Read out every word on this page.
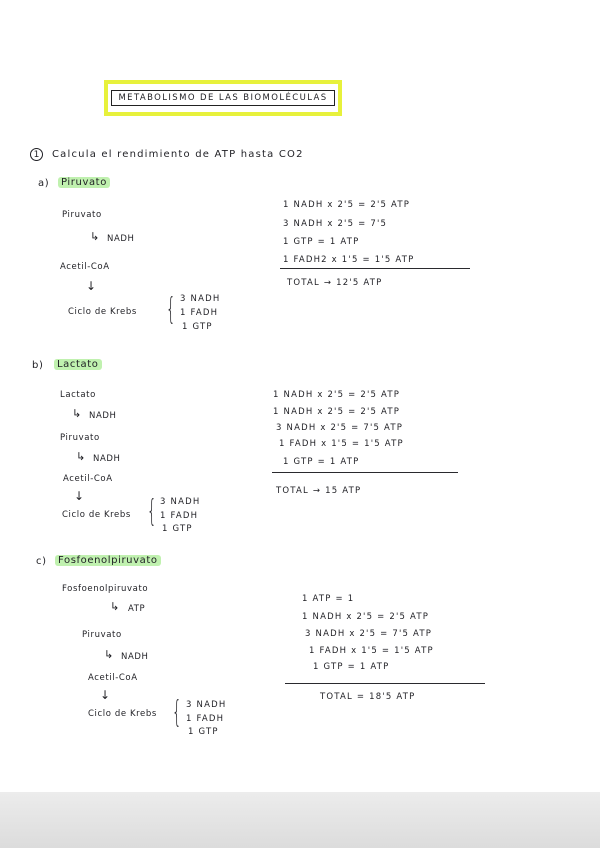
METABOLISMO DE LAS BIOMOLÉCULAS
1	Calcula el rendimiento de ATP hasta CO2
a)	Piruvato
Piruvato
↳ NADH
Acetil-CoA
↓
Ciclo de Krebs { 3 NADH
1 FADH
1 GTP
1 NADH x 2'5 = 2'5 ATP
3 NADH x 2'5 = 7'5
1 GTP = 1 ATP
1 FADH2 x 1'5 = 1'5 ATP
TOTAL → 12'5 ATP
b)	Lactato
Lactato
↳ NADH
Piruvato
↳ NADH
Acetil-CoA
↓
Ciclo de Krebs { 3 NADH
1 FADH
1 GTP
1 NADH x 2'5 = 2'5 ATP
1 NADH x 2'5 = 2'5 ATP
3 NADH x 2'5 = 7'5 ATP
1 FADH x 1'5 = 1'5 ATP
1 GTP = 1 ATP
TOTAL → 15 ATP
c)	Fosfoenolpiruvato
Fosfoenolpiruvato
↳ ATP
Piruvato
↳ NADH
Acetil-CoA
↓
Ciclo de Krebs { 3 NADH
1 FADH
1 GTP
1 ATP = 1
1 NADH x 2'5 = 2'5 ATP
3 NADH x 2'5 = 7'5 ATP
1 FADH x 1'5 = 1'5 ATP
1 GTP = 1 ATP
TOTAL = 18'5 ATP
